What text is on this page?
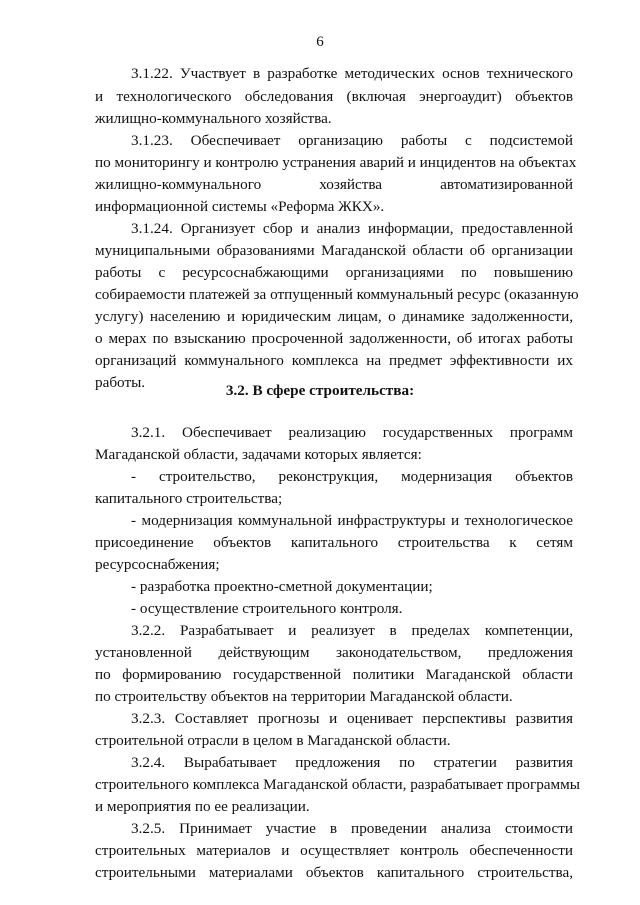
6
3.1.22. Участвует в разработке методических основ технического
и технологического обследования (включая энергоаудит) объектов
жилищно-коммунального хозяйства.
3.1.23. Обеспечивает организацию работы с подсистемой
по мониторингу и контролю устранения аварий и инцидентов на объектах
жилищно-коммунального хозяйства автоматизированной
информационной системы «Реформа ЖКХ».
3.1.24. Организует сбор и анализ информации, предоставленной
муниципальными образованиями Магаданской области об организации
работы с ресурсоснабжающими организациями по повышению
собираемости платежей за отпущенный коммунальный ресурс (оказанную
услугу) населению и юридическим лицам, о динамике задолженности,
о мерах по взысканию просроченной задолженности, об итогах работы
организаций коммунального комплекса на предмет эффективности их
работы.	3.2. В сфере строительства:
3.2.1. Обеспечивает реализацию государственных программ
Магаданской области, задачами которых является:
- строительство, реконструкция, модернизация объектов
капитального строительства;
- модернизация коммунальной инфраструктуры и технологическое
присоединение объектов капитального строительства к сетям
ресурсоснабжения;
- разработка проектно-сметной документации;
- осуществление строительного контроля.
3.2.2. Разрабатывает и реализует в пределах компетенции,
установленной действующим законодательством, предложения
по формированию государственной политики Магаданской области
по строительству объектов на территории Магаданской области.
3.2.3. Составляет прогнозы и оценивает перспективы развития
строительной отрасли в целом в Магаданской области.
3.2.4. Вырабатывает предложения по стратегии развития
строительного комплекса Магаданской области, разрабатывает программы
и мероприятия по ее реализации.
3.2.5. Принимает участие в проведении анализа стоимости
строительных материалов и осуществляет контроль обеспеченности
строительными материалами объектов капитального строительства,
